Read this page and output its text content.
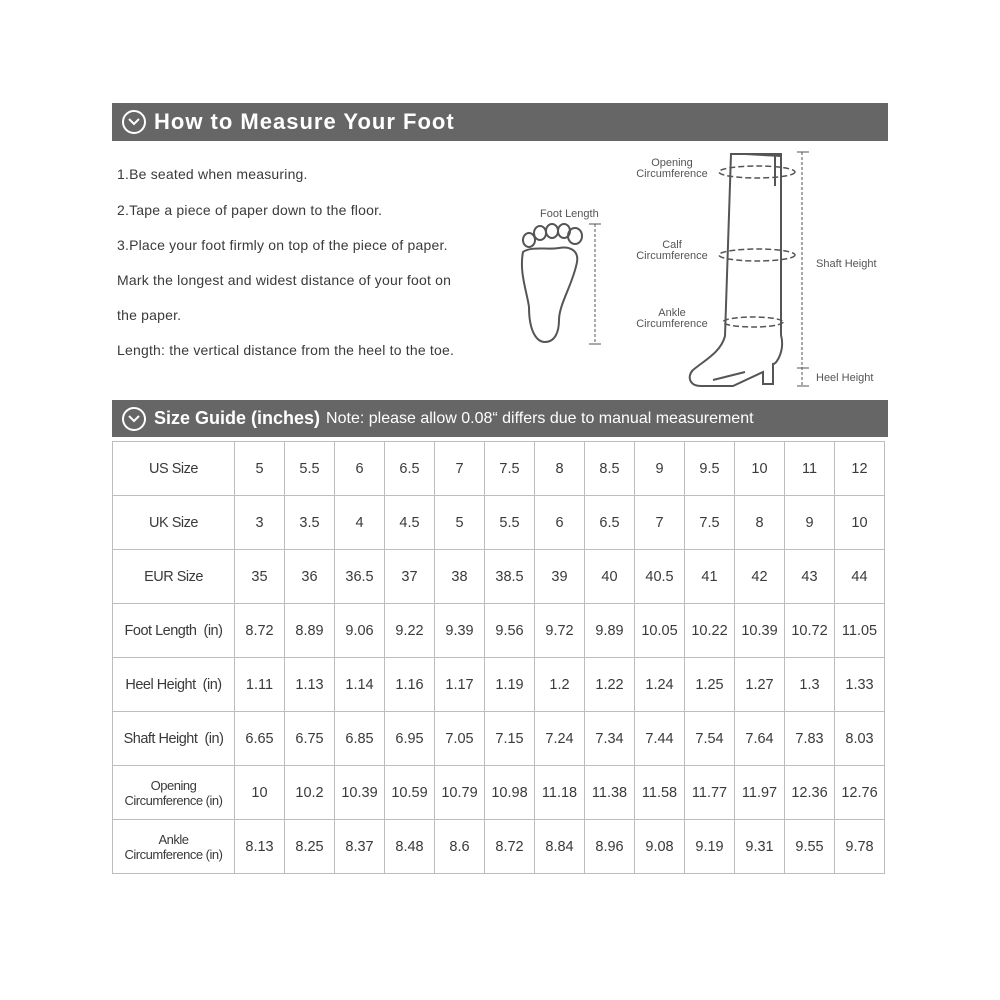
How to Measure Your Foot
1.Be seated when measuring.
2.Tape a piece of paper down to the floor.
3.Place your foot firmly on top of the piece of paper.
Mark the longest and widest distance of your foot on
the paper.
Length: the vertical distance from the heel to the toe.
Foot Length
Opening
Circumference
Calf
Circumference
Ankle
Circumference
Shaft Height
Heel Height
Size Guide (inches) Note: please allow 0.08“ differs due to manual measurement
US Size	5	5.5	6	6.5	7	7.5	8	8.5	9	9.5	10	11	12
UK Size	3	3.5	4	4.5	5	5.5	6	6.5	7	7.5	8	9	10
EUR Size	35	36	36.5	37	38	38.5	39	40	40.5	41	42	43	44
Foot Length  (in)	8.72	8.89	9.06	9.22	9.39	9.56	9.72	9.89	10.05	10.22	10.39	10.72	11.05
Heel Height  (in)	1.11	1.13	1.14	1.16	1.17	1.19	1.2	1.22	1.24	1.25	1.27	1.3	1.33
Shaft Height  (in)	6.65	6.75	6.85	6.95	7.05	7.15	7.24	7.34	7.44	7.54	7.64	7.83	8.03

Opening
Circumference (in)	10	10.2	10.39	10.59	10.79	10.98	11.18	11.38	11.58	11.77	11.97	12.36	12.76

Ankle
Circumference (in)	8.13	8.25	8.37	8.48	8.6	8.72	8.84	8.96	9.08	9.19	9.31	9.55	9.78
